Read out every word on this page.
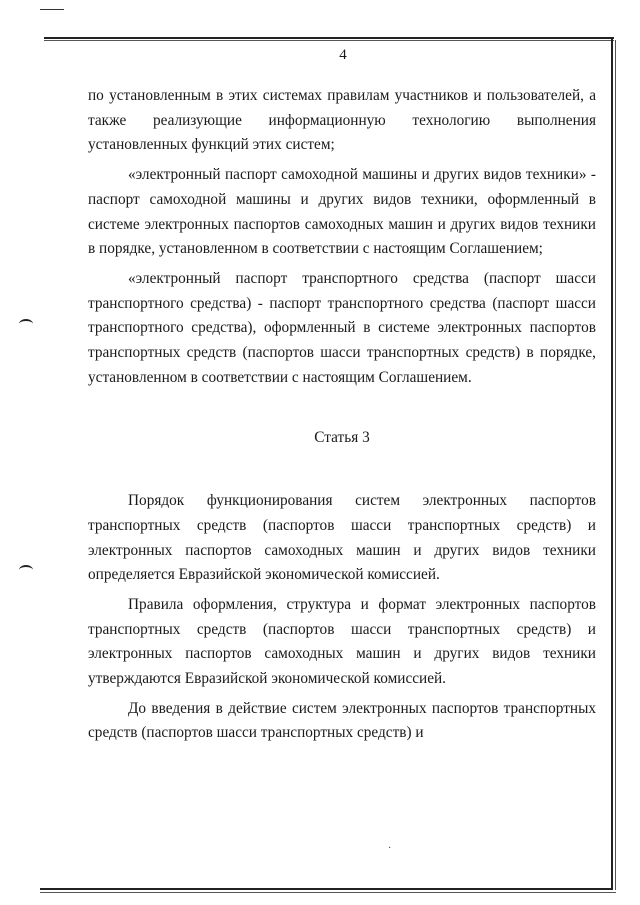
4

по установленным в этих системах правилам участников и пользователей, а также реализующие информационную технологию выполнения установленных функций этих систем;

«электронный паспорт самоходной машины и других видов техники» - паспорт самоходной машины и других видов техники, оформленный в системе электронных паспортов самоходных машин и других видов техники в порядке, установленном в соответствии с настоящим Соглашением;

«электронный паспорт транспортного средства (паспорт шасси транспортного средства) - паспорт транспортного средства (паспорт шасси транспортного средства), оформленный в системе электронных паспортов транспортных средств (паспортов шасси транспортных средств) в порядке, установленном в соответствии с настоящим Соглашением.

Статья 3

Порядок функционирования систем электронных паспортов транспортных средств (паспортов шасси транспортных средств) и электронных паспортов самоходных машин и других видов техники определяется Евразийской экономической комиссией.

Правила оформления, структура и формат электронных паспортов транспортных средств (паспортов шасси транспортных средств) и электронных паспортов самоходных машин и других видов техники утверждаются Евразийской экономической комиссией.

До введения в действие систем электронных паспортов транспортных средств (паспортов шасси транспортных средств) и

·
